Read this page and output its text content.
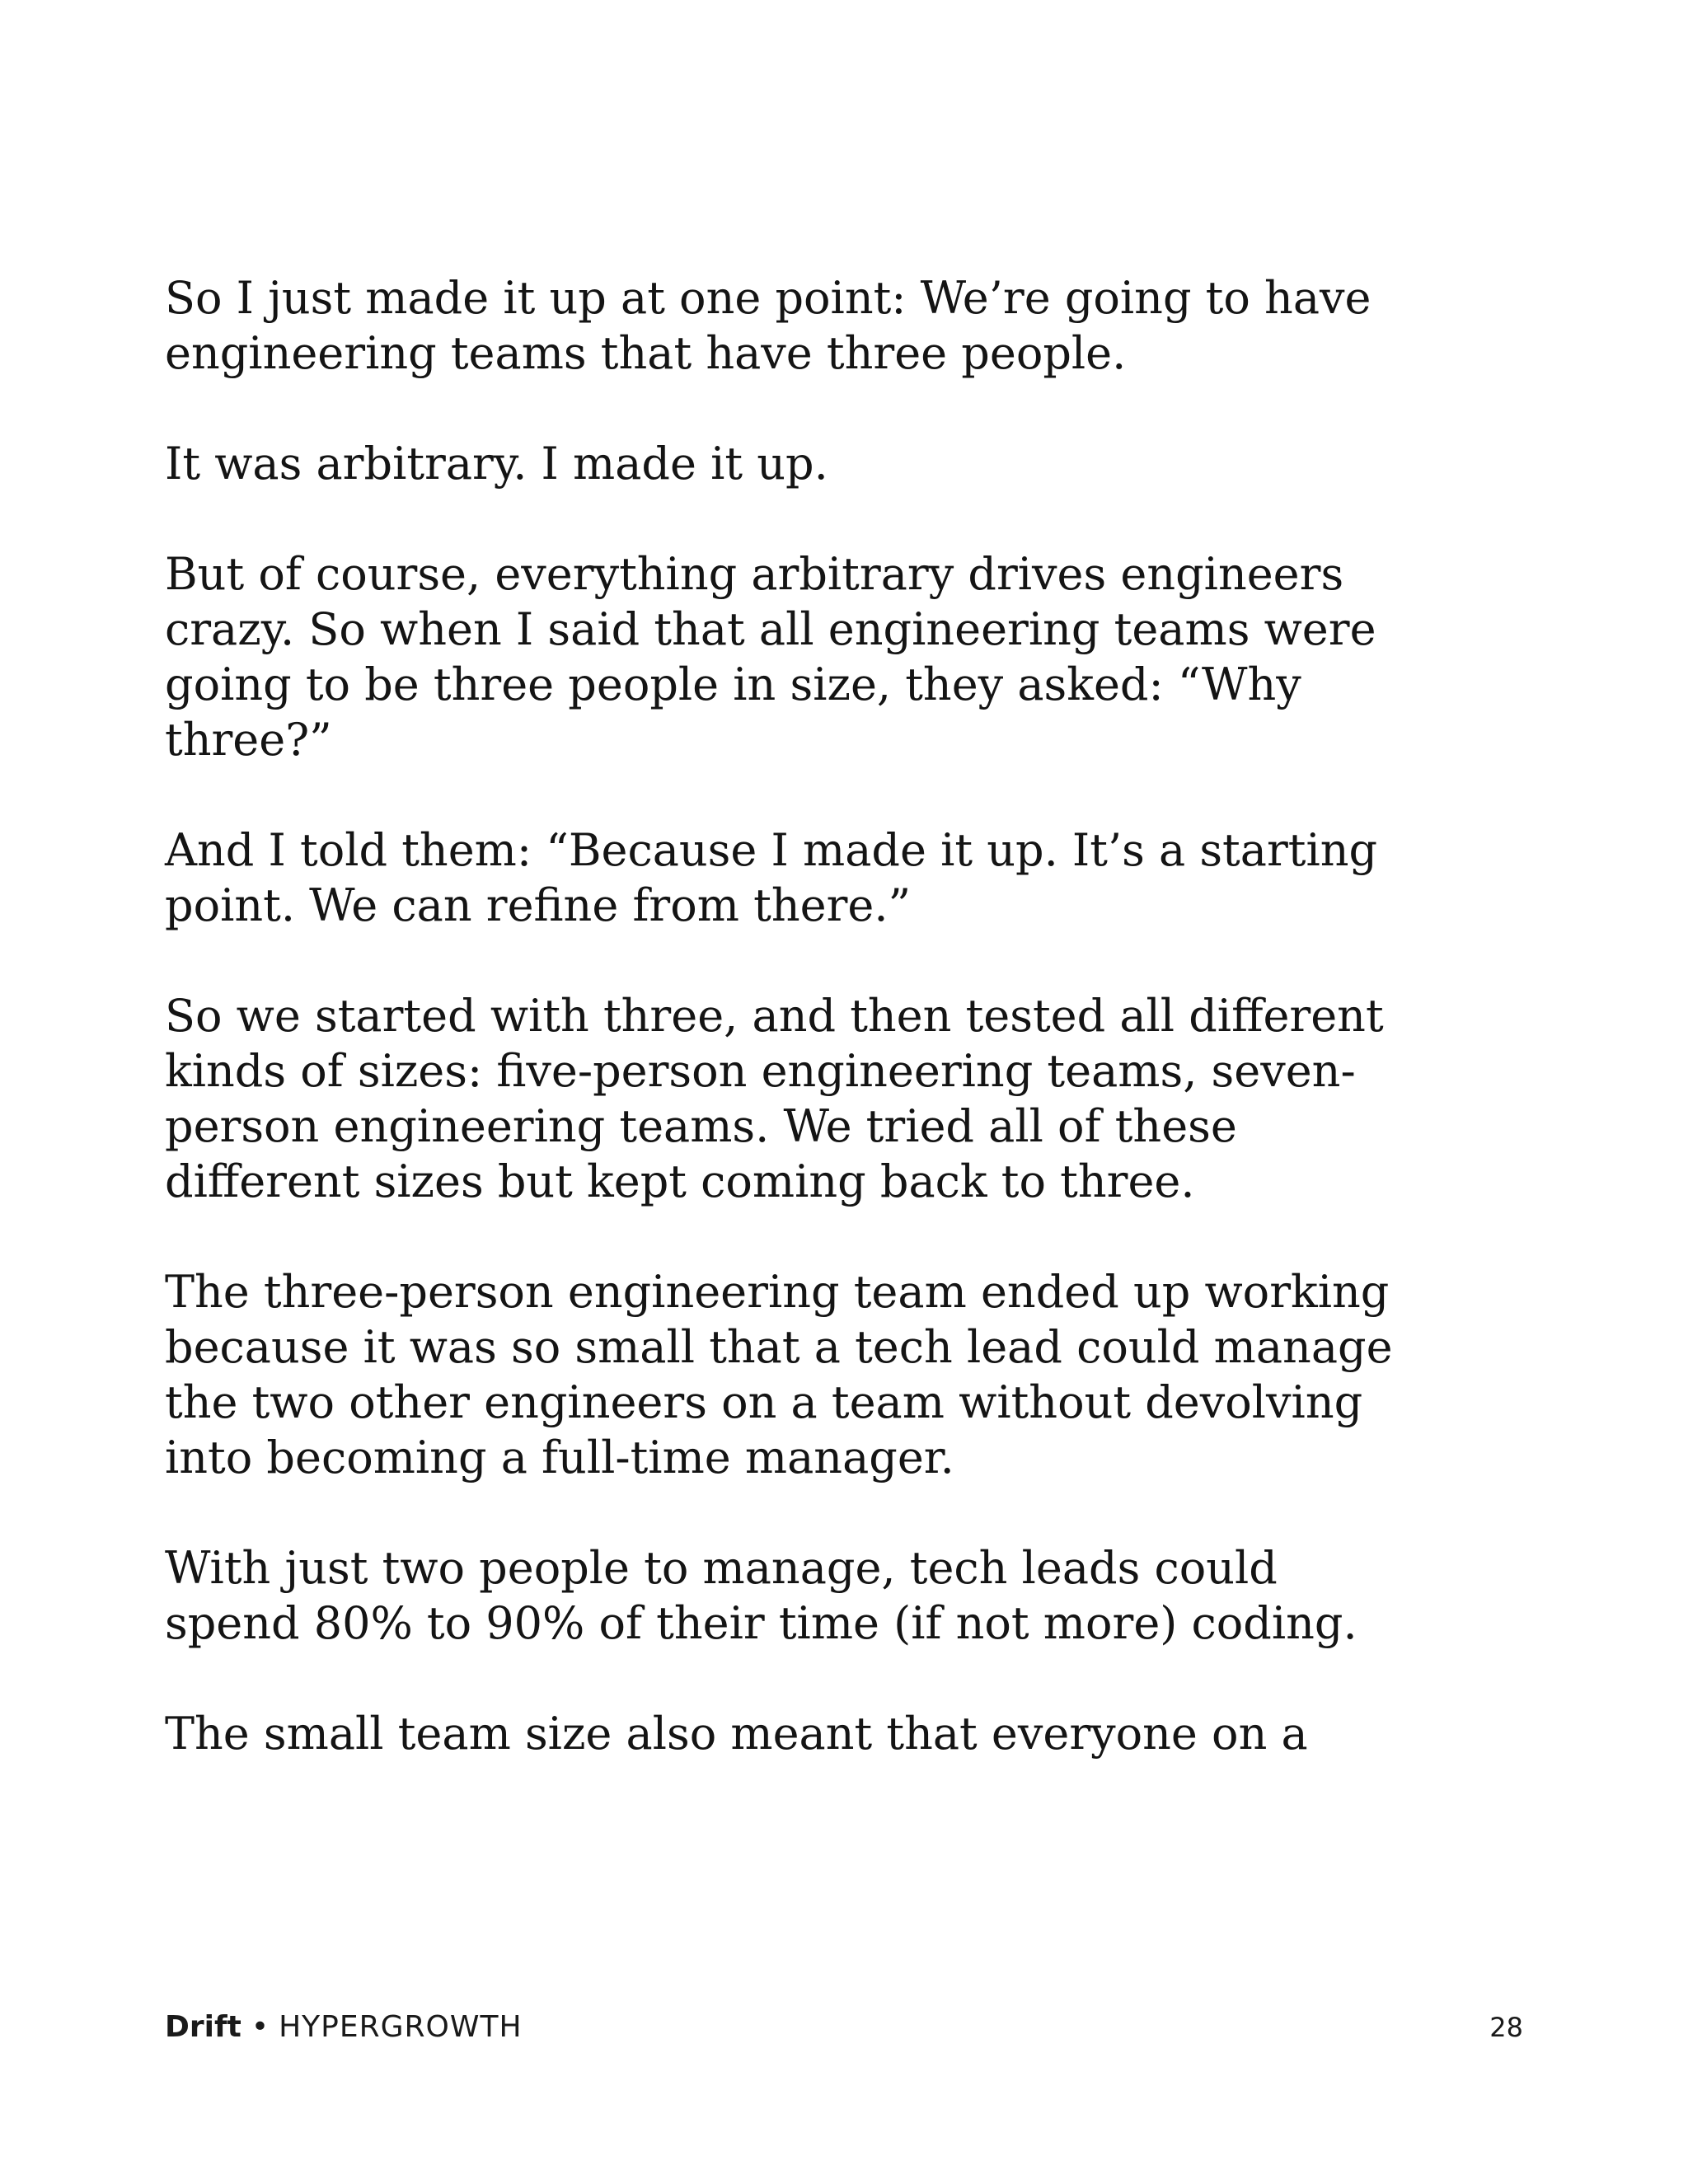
So I just made it up at one point: We’re going to have
engineering teams that have three people.
It was arbitrary. I made it up.
But of course, everything arbitrary drives engineers
crazy. So when I said that all engineering teams were
going to be three people in size, they asked: “Why
three?”
And I told them: “Because I made it up. It’s a starting
point. We can refine from there.”
So we started with three, and then tested all different
kinds of sizes: five-person engineering teams, seven-
person engineering teams. We tried all of these
different sizes but kept coming back to three.
The three-person engineering team ended up working
because it was so small that a tech lead could manage
the two other engineers on a team without devolving
into becoming a full-time manager.
With just two people to manage, tech leads could
spend 80% to 90% of their time (if not more) coding.
The small team size also meant that everyone on a
Drift • HYPERGROWTH	28
